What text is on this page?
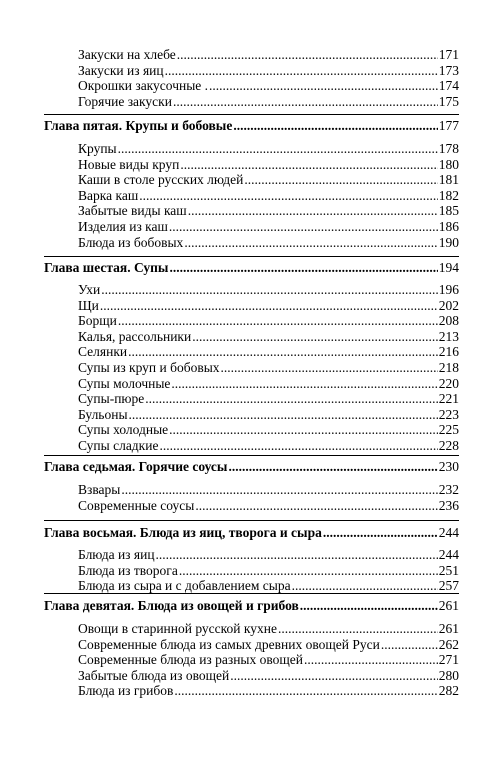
Закуски на хлебе .....	171
Закуски из яиц .....	173
Окрошки закусочные . .....	174
Горячие закуски .....	175
Глава пятая. Крупы и бобовые .....	177
Крупы .....	178
Новые виды круп .....	180
Каши в столе русских людей .....	181
Варка каш .....	182
Забытые виды каш .....	185
Изделия из каш .....	186
Блюда из бобовых .....	190
Глава шестая. Супы .....	194
Ухи .....	196
Щи .....	202
Борщи .....	208
Калья, рассольники .....	213
Селянки .....	216
Супы из круп и бобовых .....	218
Супы молочные .....	220
Супы-пюре .....	221
Бульоны .....	223
Супы холодные .....	225
Супы сладкие .....	228
Глава седьмая. Горячие соусы .....	230
Взвары .....	232
Современные соусы .....	236
Глава восьмая. Блюда из яиц, творога и сыра .....	244
Блюда из яиц .....	244
Блюда из творога .....	251
Блюда из сыра и с добавлением сыра .....	257
Глава девятая. Блюда из овощей и грибов .....	261
Овощи в старинной русской кухне .....	261
Современные блюда из самых древних овощей Руси .....	262
Современные блюда из разных овощей .....	271
Забытые блюда из овощей .....	280
Блюда из грибов .....	282
